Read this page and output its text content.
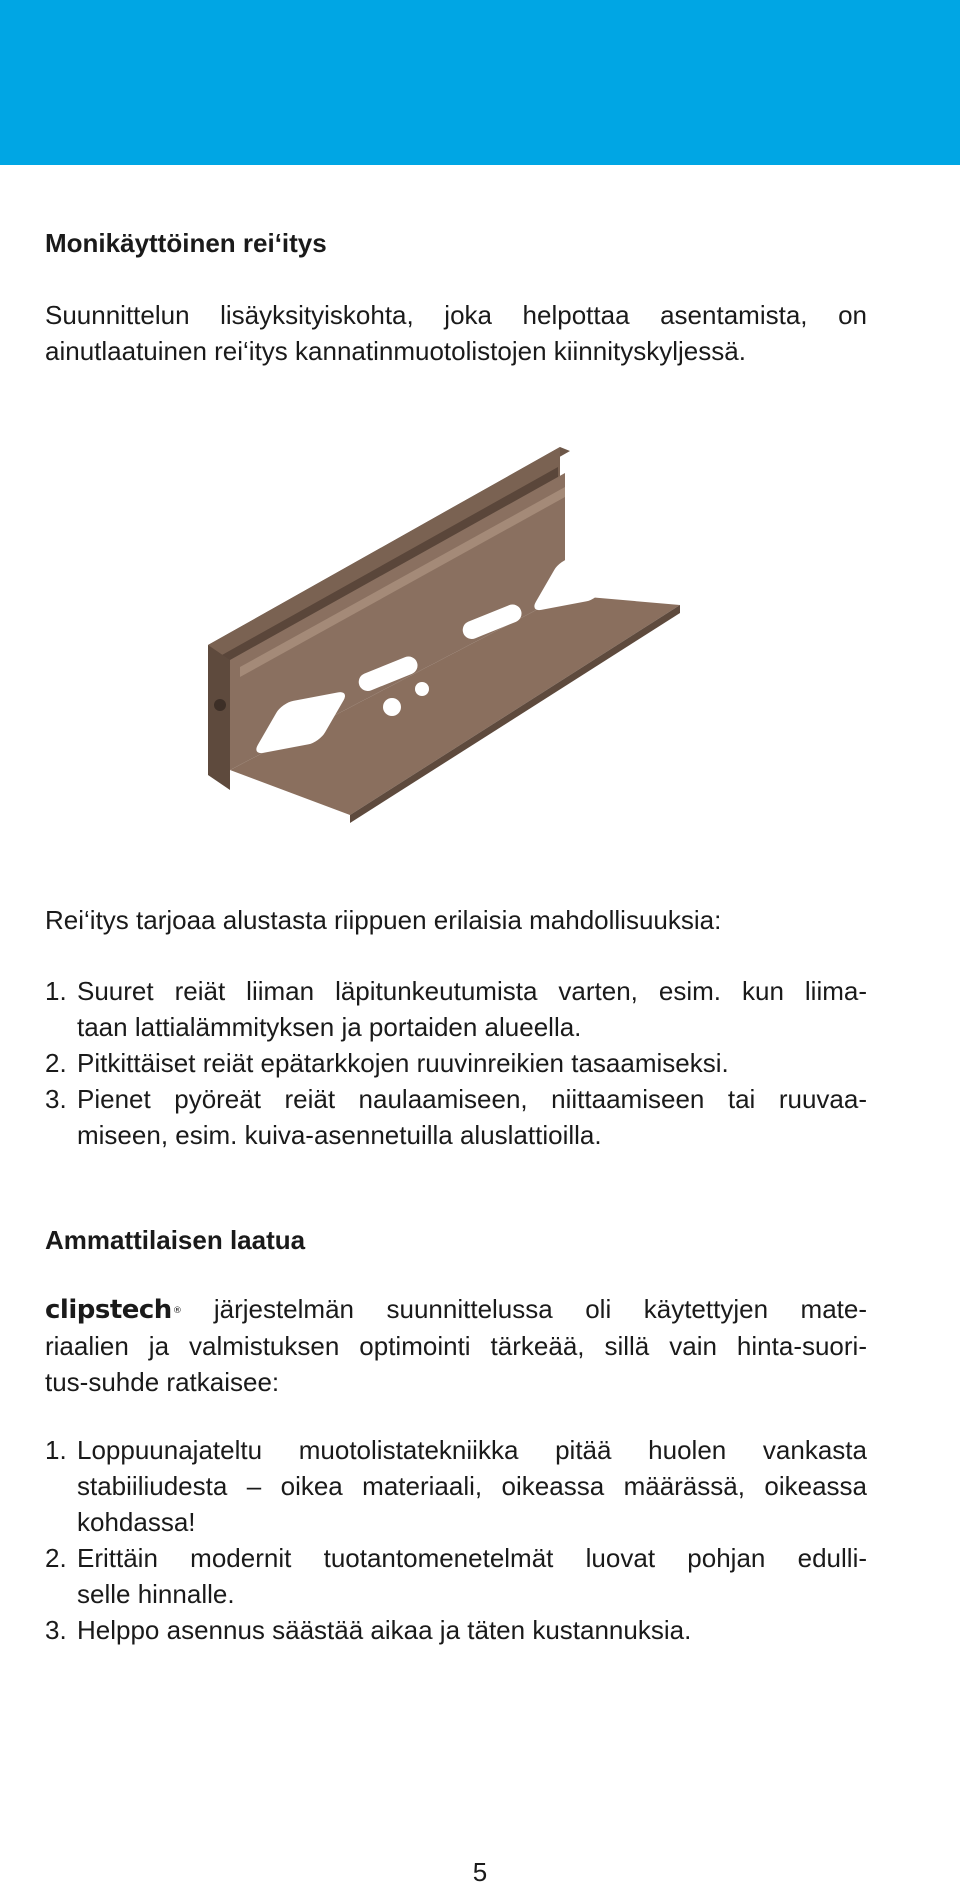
Monikäyttöinen rei‘itys
Suunnittelun lisäyksityiskohta, joka helpottaa asentamista, on
ainutlaatuinen rei‘itys kannatinmuotolistojen kiinnityskyljessä.
Rei‘itys tarjoaa alustasta riippuen erilaisia mahdollisuuksia:
1. Suuret reiät liiman läpitunkeutumista varten, esim. kun liima-
taan lattialämmityksen ja portaiden alueella.
2. Pitkittäiset reiät epätarkkojen ruuvinreikien tasaamiseksi.
3. Pienet pyöreät reiät naulaamiseen, niittaamiseen tai ruuvaa-
miseen, esim. kuiva-asennetuilla aluslattioilla.
Ammattilaisen laatua
clipstech® järjestelmän suunnittelussa oli käytettyjen mate-
riaalien ja valmistuksen optimointi tärkeää, sillä vain hinta-suori-
tus-suhde ratkaisee:
1. Loppuunajateltu muotolistatekniikka pitää huolen vankasta
stabiiliudesta – oikea materiaali, oikeassa määrässä, oikeassa
kohdassa!
2. Erittäin modernit tuotantomenetelmät luovat pohjan edulli-
selle hinnalle.
3. Helppo asennus säästää aikaa ja täten kustannuksia.
5
